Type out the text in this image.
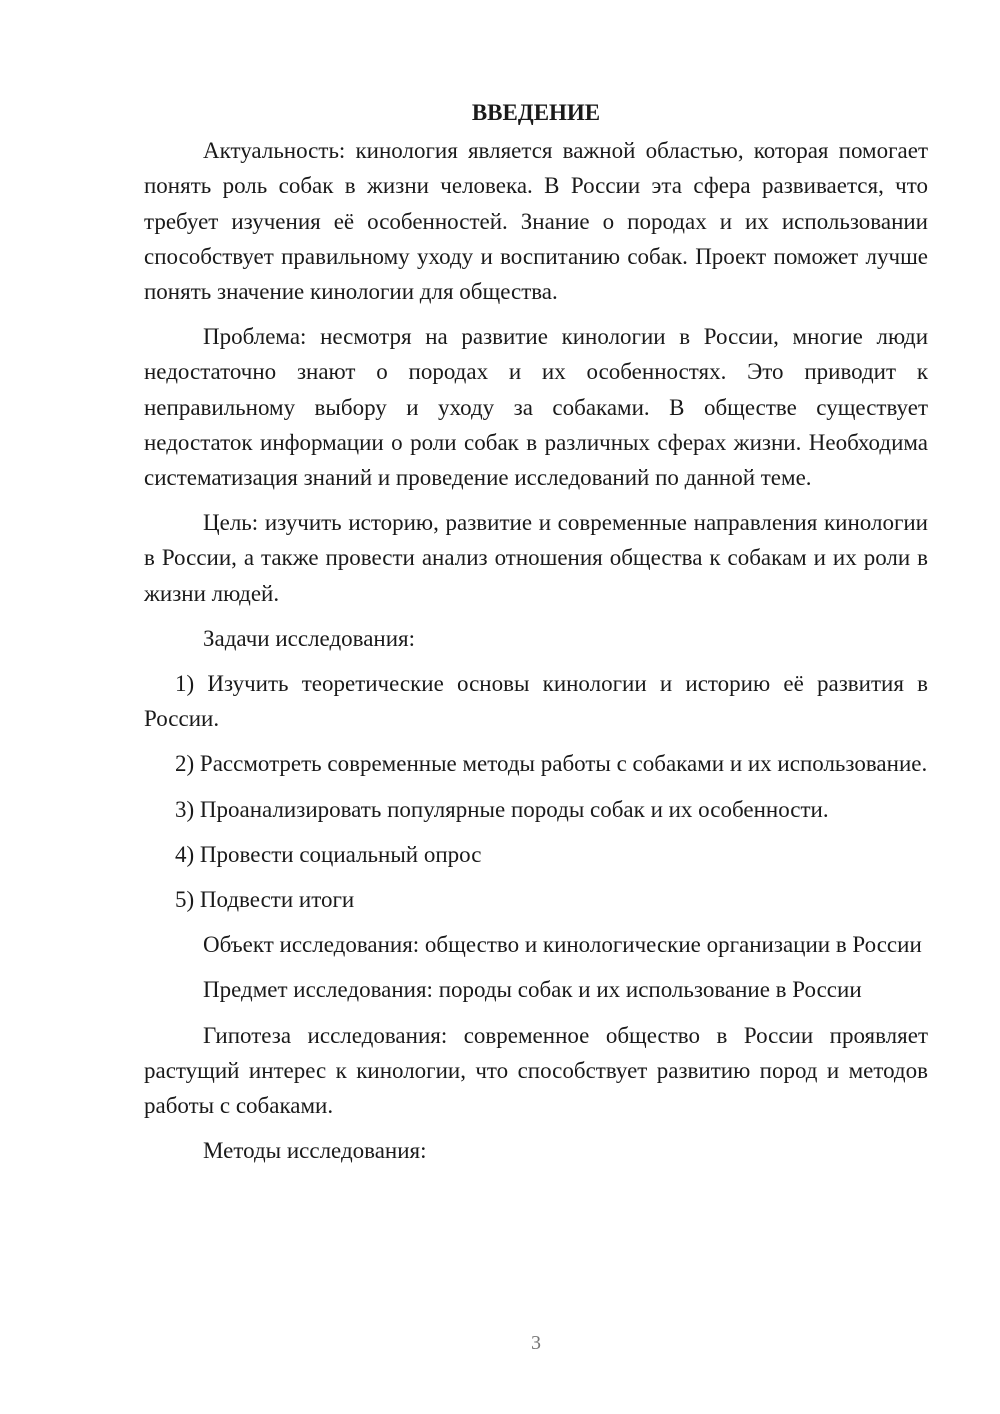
ВВЕДЕНИЕ

Актуальность: кинология является важной областью, которая помогает понять роль собак в жизни человека. В России эта сфера развивается, что требует изучения её особенностей. Знание о породах и их использовании способствует правильному уходу и воспитанию собак. Проект поможет лучше понять значение кинологии для общества.

Проблема: несмотря на развитие кинологии в России, многие люди недостаточно знают о породах и их особенностях. Это приводит к неправильному выбору и уходу за собаками. В обществе существует недостаток информации о роли собак в различных сферах жизни. Необходима систематизация знаний и проведение исследований по данной теме.

Цель: изучить историю, развитие и современные направления кинологии в России, а также провести анализ отношения общества к собакам и их роли в жизни людей.

Задачи исследования:

1) Изучить теоретические основы кинологии и историю её развития в России.

2) Рассмотреть современные методы работы с собаками и их использование.

3) Проанализировать популярные породы собак и их особенности.

4) Провести социальный опрос

5) Подвести итоги

Объект исследования: общество и кинологические организации в России

Предмет исследования: породы собак и их использование в России

Гипотеза исследования: современное общество в России проявляет растущий интерес к кинологии, что способствует развитию пород и методов работы с собаками.

Методы исследования:

3
